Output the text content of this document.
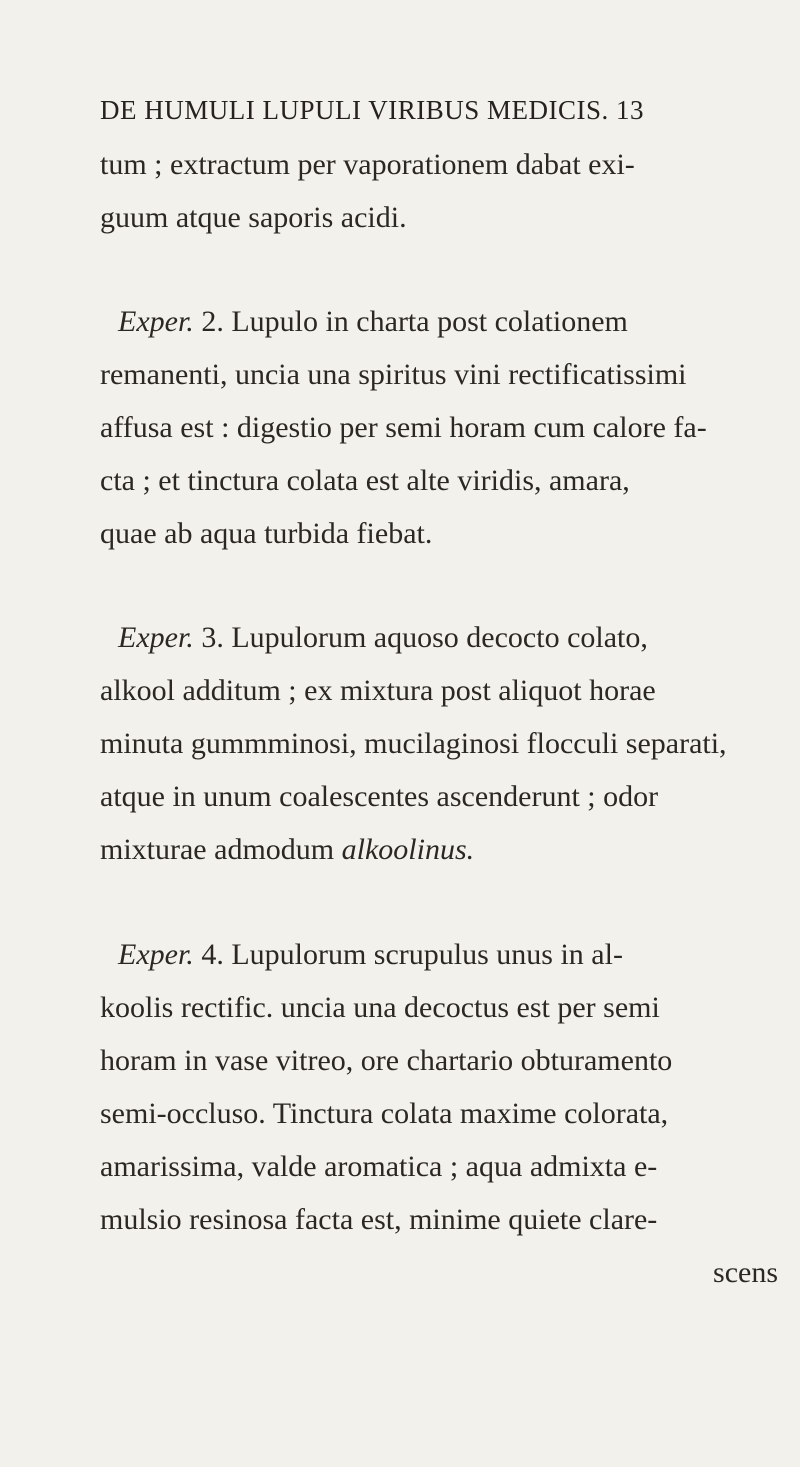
DE HUMULI LUPULI VIRIBUS MEDICIS. 13
tum ; extractum per vaporationem dabat exi-
guum atque saporis acidi.
Exper. 2. Lupulo in charta post colationem
remanenti, uncia una spiritus vini rectificatissimi
affusa est : digestio per semi horam cum calore fa-
cta ; et tinctura colata est alte viridis, amara,
quae ab aqua turbida fiebat.
Exper. 3. Lupulorum aquoso decocto colato,
alkool additum ; ex mixtura post aliquot horae
minuta gummminosi, mucilaginosi flocculi separati,
atque in unum coalescentes ascenderunt ; odor
mixturae admodum alkoolinus.
Exper. 4. Lupulorum scrupulus unus in al-
koolis rectific. uncia una decoctus est per semi
horam in vase vitreo, ore chartario obturamento
semi-occluso. Tinctura colata maxime colorata,
amarissima, valde aromatica ; aqua admixta e-
mulsio resinosa facta est, minime quiete clare-
scens
